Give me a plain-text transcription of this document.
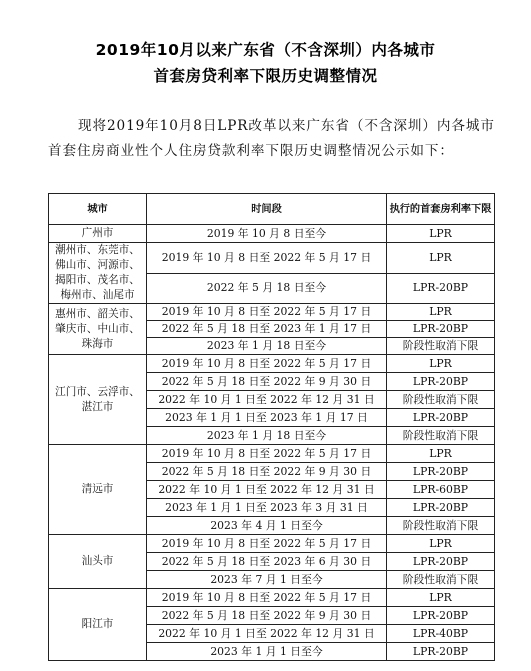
2019年10月以来广东省（不含深圳）内各城市
首套房贷利率下限历史调整情况
现将2019年10月8日LPR改革以来广东省（不含深圳）内各城市首套住房商业性个人住房贷款利率下限历史调整情况公示如下：
城市	时间段	执行的首套房利率下限
广州市	2019 年 10 月 8 日至今	LPR
潮州市、东莞市、佛山市、河源市、揭阳市、茂名市、梅州市、汕尾市	2019 年 10 月 8 日至 2022 年 5 月 17 日	LPR
	2022 年 5 月 18 日至今	LPR-20BP
惠州市、韶关市、肇庆市、中山市、珠海市	2019 年 10 月 8 日至 2022 年 5 月 17 日	LPR
	2022 年 5 月 18 日至 2023 年 1 月 17 日	LPR-20BP
	2023 年 1 月 18 日至今	阶段性取消下限
江门市、云浮市、湛江市	2019 年 10 月 8 日至 2022 年 5 月 17 日	LPR
	2022 年 5 月 18 日至 2022 年 9 月 30 日	LPR-20BP
	2022 年 10 月 1 日至 2022 年 12 月 31 日	阶段性取消下限
	2023 年 1 月 1 日至 2023 年 1 月 17 日	LPR-20BP
	2023 年 1 月 18 日至今	阶段性取消下限
清远市	2019 年 10 月 8 日至 2022 年 5 月 17 日	LPR
	2022 年 5 月 18 日至 2022 年 9 月 30 日	LPR-20BP
	2022 年 10 月 1 日至 2022 年 12 月 31 日	LPR-60BP
	2023 年 1 月 1 日至 2023 年 3 月 31 日	LPR-20BP
	2023 年 4 月 1 日至今	阶段性取消下限
汕头市	2019 年 10 月 8 日至 2022 年 5 月 17 日	LPR
	2022 年 5 月 18 日至 2023 年 6 月 30 日	LPR-20BP
	2023 年 7 月 1 日至今	阶段性取消下限
阳江市	2019 年 10 月 8 日至 2022 年 5 月 17 日	LPR
	2022 年 5 月 18 日至 2022 年 9 月 30 日	LPR-20BP
	2022 年 10 月 1 日至 2022 年 12 月 31 日	LPR-40BP
	2023 年 1 月 1 日至今	LPR-20BP
